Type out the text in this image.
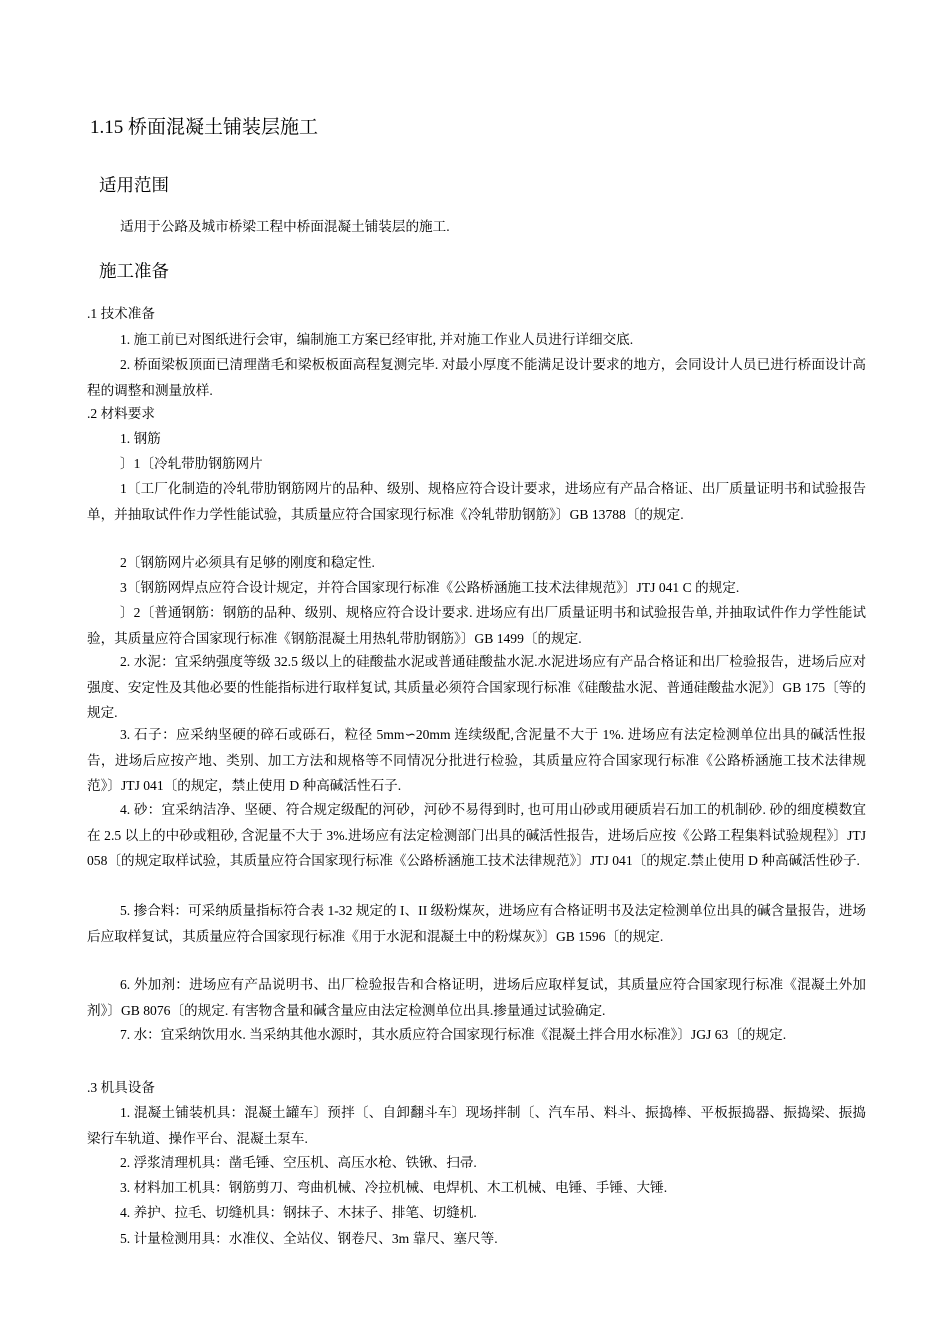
1.15 桥面混凝土铺装层施工
适用范围
适用于公路及城市桥梁工程中桥面混凝土铺装层的施工.
施工准备
.1 技术准备
1. 施工前已对图纸进行会审，编制施工方案已经审批, 并对施工作业人员进行详细交底.
2. 桥面梁板顶面已清理凿毛和梁板板面高程复测完毕. 对最小厚度不能满足设计要求的地方，会同设计人员已进行桥面设计高程的调整和测量放样.
.2 材料要求
1. 钢筋
〕1〔冷轧带肋钢筋网片
1〔工厂化制造的冷轧带肋钢筋网片的品种、级别、规格应符合设计要求，进场应有产品合格证、出厂质量证明书和试验报告单，并抽取试件作力学性能试验，其质量应符合国家现行标准《冷轧带肋钢筋》〕GB 13788〔的规定.
2〔钢筋网片必须具有足够的刚度和稳定性.
3〔钢筋网焊点应符合设计规定，并符合国家现行标准《公路桥涵施工技术法律规范》〕JTJ 041 C 的规定.
〕2〔普通钢筋：钢筋的品种、级别、规格应符合设计要求. 进场应有出厂质量证明书和试验报告单, 并抽取试件作力学性能试验，其质量应符合国家现行标准《钢筋混凝土用热轧带肋钢筋》〕GB 1499〔的规定.
2. 水泥：宜采纳强度等级 32.5 级以上的硅酸盐水泥或普通硅酸盐水泥.水泥进场应有产品合格证和出厂检验报告，进场后应对强度、安定性及其他必要的性能指标进行取样复试, 其质量必须符合国家现行标准《硅酸盐水泥、普通硅酸盐水泥》〕GB 175〔等的规定.
3. 石子：应采纳坚硬的碎石或砾石，粒径 5mm∽20mm 连续级配,含泥量不大于 1%. 进场应有法定检测单位出具的碱活性报告，进场后应按产地、类别、加工方法和规格等不同情况分批进行检验，其质量应符合国家现行标准《公路桥涵施工技术法律规范》〕JTJ 041〔的规定，禁止使用 D 种高碱活性石子.
4. 砂：宜采纳洁净、坚硬、符合规定级配的河砂，河砂不易得到时, 也可用山砂或用硬质岩石加工的机制砂. 砂的细度模数宜在 2.5 以上的中砂或粗砂, 含泥量不大于 3%.进场应有法定检测部门出具的碱活性报告，进场后应按《公路工程集料试验规程》〕JTJ 058〔的规定取样试验，其质量应符合国家现行标准《公路桥涵施工技术法律规范》〕JTJ 041〔的规定.禁止使用 D 种高碱活性砂子.
5. 掺合料：可采纳质量指标符合表 1-32 规定的 I、II 级粉煤灰，进场应有合格证明书及法定检测单位出具的碱含量报告，进场后应取样复试，其质量应符合国家现行标准《用于水泥和混凝土中的粉煤灰》〕GB 1596〔的规定.
6. 外加剂：进场应有产品说明书、出厂检验报告和合格证明，进场后应取样复试，其质量应符合国家现行标准《混凝土外加剂》〕GB 8076〔的规定. 有害物含量和碱含量应由法定检测单位出具.掺量通过试验确定.
7. 水：宜采纳饮用水. 当采纳其他水源时，其水质应符合国家现行标准《混凝土拌合用水标准》〕JGJ 63〔的规定.
.3 机具设备
1. 混凝土铺装机具：混凝土罐车〕预拌〔、自卸翻斗车〕现场拌制〔、汽车吊、料斗、振捣棒、平板振捣器、振捣梁、振捣梁行车轨道、操作平台、混凝土泵车.
2. 浮浆清理机具：凿毛锤、空压机、高压水枪、铁锹、扫帚.
3. 材料加工机具：钢筋剪刀、弯曲机械、冷拉机械、电焊机、木工机械、电锤、手锤、大锤.
4. 养护、拉毛、切缝机具：钢抹子、木抹子、排笔、切缝机.
5. 计量检测用具：水准仪、全站仪、钢卷尺、3m 靠尺、塞尺等.
